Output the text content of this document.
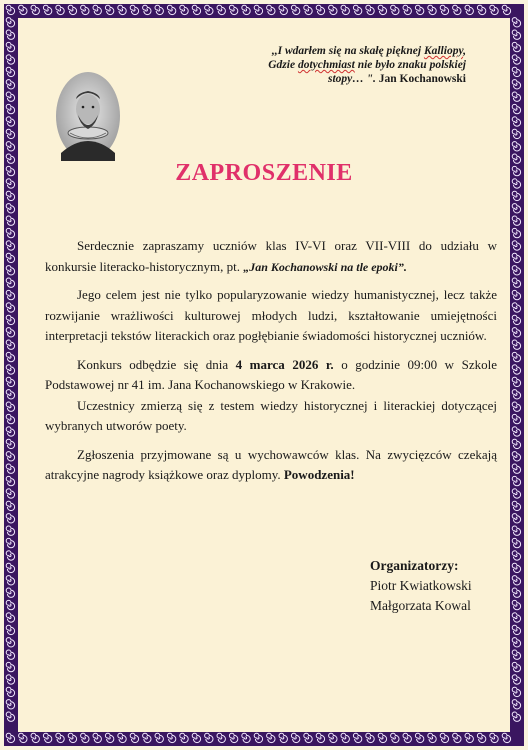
,,I wdarłem się na skałę pięknej Kalliopy,
Gdzie dotychmiast nie było znaku polskiej
stopy… ". Jan Kochanowski
ZAPROSZENIE

Serdecznie zapraszamy uczniów klas IV-VI oraz VII-VIII do udziału w konkursie literacko-historycznym, pt. „Jan Kochanowski na tle epoki”.

Jego celem jest nie tylko popularyzowanie wiedzy humanistycznej, lecz także rozwijanie wrażliwości kulturowej młodych ludzi, kształtowanie umiejętności interpretacji tekstów literackich oraz pogłębianie świadomości historycznej uczniów.

Konkurs odbędzie się dnia 4 marca 2026 r. o godzinie 09:00 w Szkole Podstawowej nr 41 im. Jana Kochanowskiego w Krakowie.

Uczestnicy zmierzą się z testem wiedzy historycznej i literackiej dotyczącej wybranych utworów poety.

Zgłoszenia przyjmowane są u wychowawców klas. Na zwycięzców czekają atrakcyjne nagrody książkowe oraz dyplomy. Powodzenia!

Organizatorzy:
Piotr Kwiatkowski
Małgorzata Kowal
